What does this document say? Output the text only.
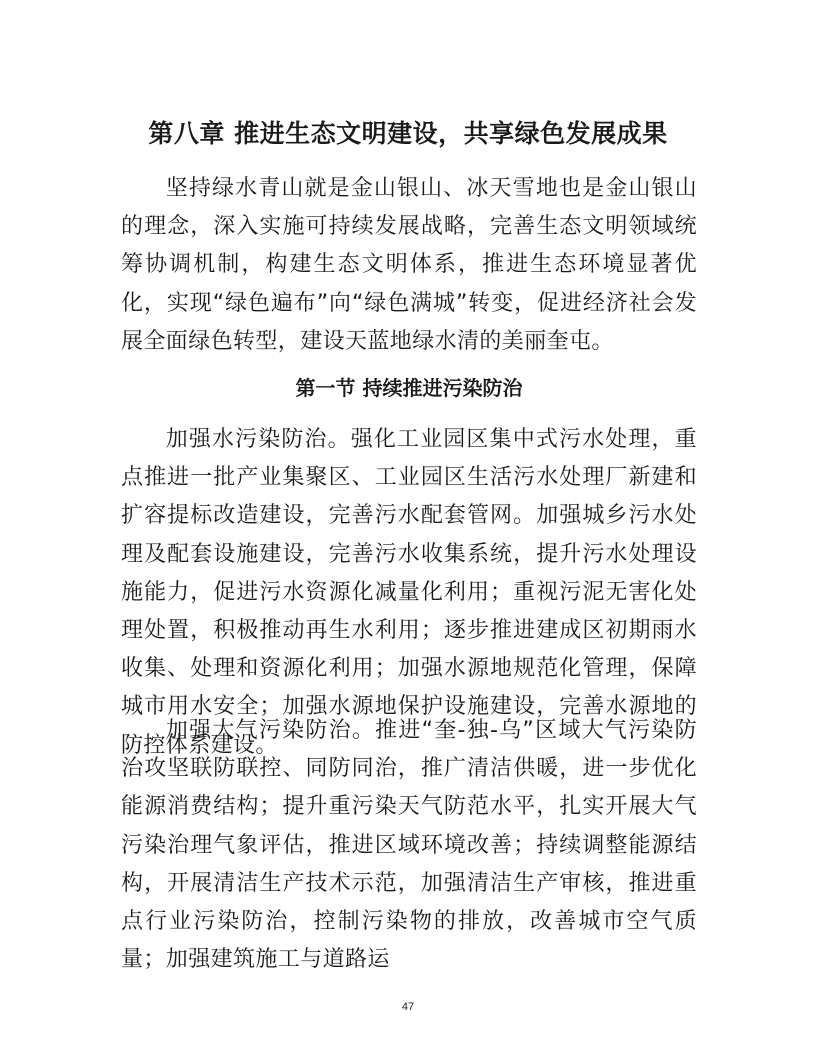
第八章 推进生态文明建设，共享绿色发展成果

坚持绿水青山就是金山银山、冰天雪地也是金山银山的理念，深入实施可持续发展战略，完善生态文明领域统筹协调机制，构建生态文明体系，推进生态环境显著优化，实现“绿色遍布”向“绿色满城”转变，促进经济社会发展全面绿色转型，建设天蓝地绿水清的美丽奎屯。

第一节 持续推进污染防治

加强水污染防治。强化工业园区集中式污水处理，重点推进一批产业集聚区、工业园区生活污水处理厂新建和扩容提标改造建设，完善污水配套管网。加强城乡污水处理及配套设施建设，完善污水收集系统，提升污水处理设施能力，促进污水资源化减量化利用；重视污泥无害化处理处置，积极推动再生水利用；逐步推进建成区初期雨水收集、处理和资源化利用；加强水源地规范化管理，保障城市用水安全；加强水源地保护设施建设，完善水源地的防控体系建设。

加强大气污染防治。推进“奎-独-乌”区域大气污染防治攻坚联防联控、同防同治，推广清洁供暖，进一步优化能源消费结构；提升重污染天气防范水平，扎实开展大气污染治理气象评估，推进区域环境改善；持续调整能源结构，开展清洁生产技术示范，加强清洁生产审核，推进重点行业污染防治，控制污染物的排放，改善城市空气质量；加强建筑施工与道路运

47
